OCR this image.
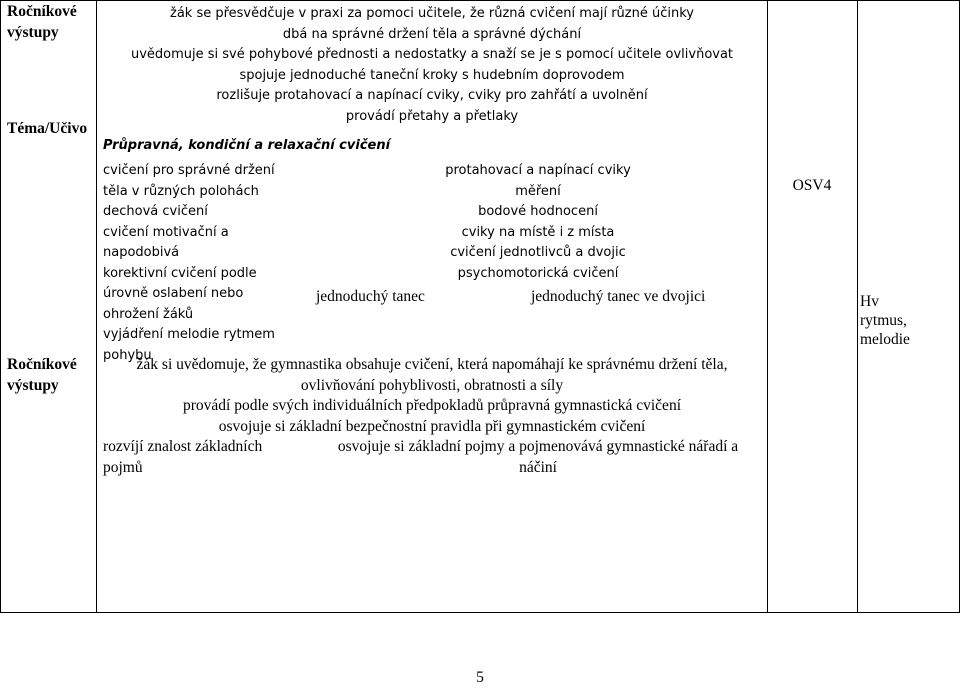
Ročníkové
výstupy
Téma/Učivo
Ročníkové
výstupy
žák se přesvědčuje v praxi za pomoci učitele, že různá cvičení mají různé účinky
dbá na správné držení těla a správné dýchání
uvědomuje si své pohybové přednosti a nedostatky a snaží se je s pomocí učitele ovlivňovat
spojuje jednoduché taneční kroky s hudebním doprovodem
rozlišuje protahovací a napínací cviky, cviky pro zahřátí a uvolnění
provádí přetahy a přetlaky
Průpravná, kondiční a relaxační cvičení
cvičení pro správné držení
těla v různých polohách
dechová cvičení
cvičení motivační a
napodobivá
korektivní cvičení podle
úrovně oslabení nebo
ohrožení žáků
vyjádření melodie rytmem
pohybu
protahovací a napínací cviky
měření
bodové hodnocení
cviky na místě i z místa
cvičení jednotlivců a dvojic
psychomotorická cvičení
jednoduchý tanec	jednoduchý tanec ve dvojici
žák si uvědomuje, že gymnastika obsahuje cvičení, která napomáhají ke správnému držení těla,
ovlivňování pohyblivosti, obratnosti a síly
provádí podle svých individuálních předpokladů průpravná gymnastická cvičení
osvojuje si základní bezpečnostní pravidla při gymnastickém cvičení
rozvíjí znalost základních
pojmů
osvojuje si základní pojmy a pojmenovává gymnastické nářadí a
náčiní
OSV4
Hv
rytmus,
melodie
5
